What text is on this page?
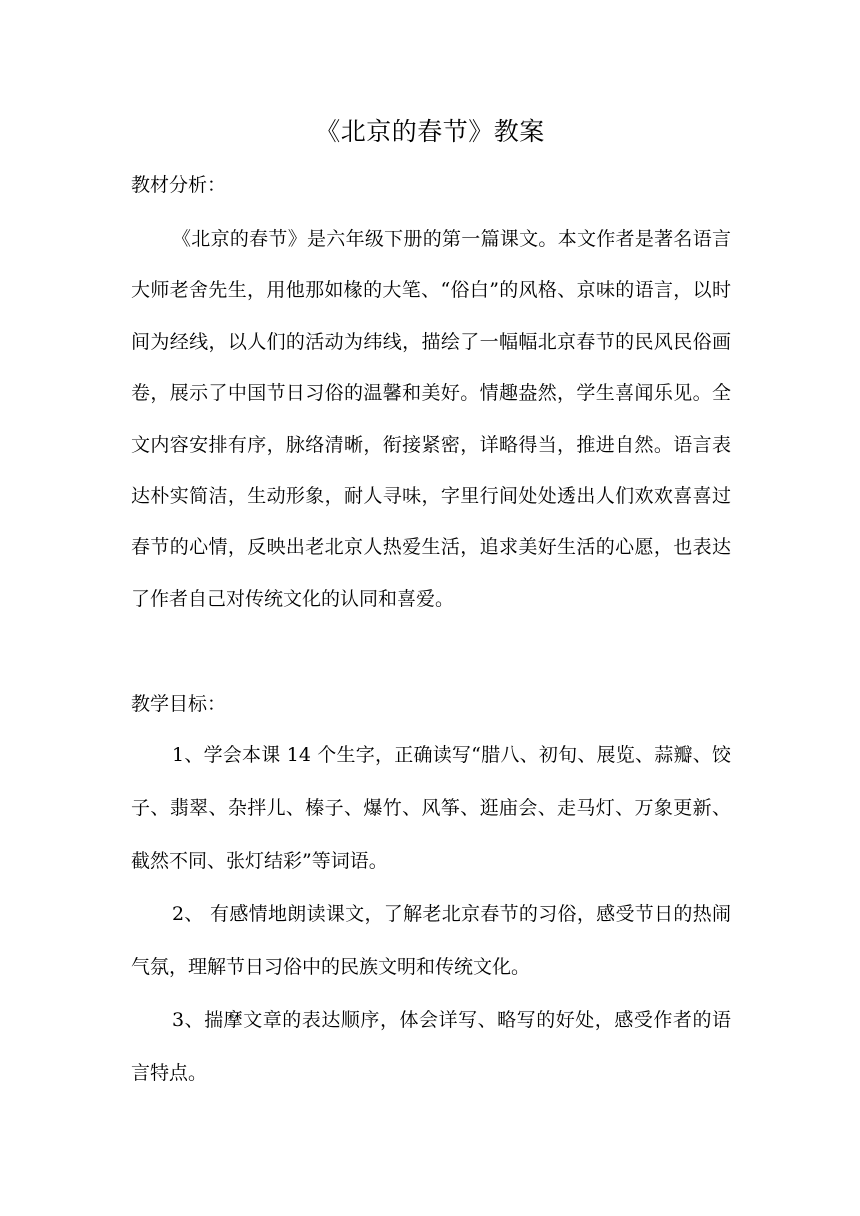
《北京的春节》教案
教材分析：

《北京的春节》是六年级下册的第一篇课文。本文作者是著名语言大师老舍先生，用他那如椽的大笔、“俗白”的风格、京味的语言，以时间为经线，以人们的活动为纬线，描绘了一幅幅北京春节的民风民俗画卷，展示了中国节日习俗的温馨和美好。情趣盎然，学生喜闻乐见。全文内容安排有序，脉络清晰，衔接紧密，详略得当，推进自然。语言表达朴实简洁，生动形象，耐人寻味，字里行间处处透出人们欢欢喜喜过春节的心情，反映出老北京人热爱生活，追求美好生活的心愿，也表达了作者自己对传统文化的认同和喜爱。

教学目标：

1、学会本课 14 个生字，正确读写“腊八、初旬、展览、蒜瓣、饺子、翡翠、杂拌儿、榛子、爆竹、风筝、逛庙会、走马灯、万象更新、截然不同、张灯结彩”等词语。

2、 有感情地朗读课文，了解老北京春节的习俗，感受节日的热闹气氛，理解节日习俗中的民族文明和传统文化。

3、揣摩文章的表达顺序，体会详写、略写的好处，感受作者的语言特点。
